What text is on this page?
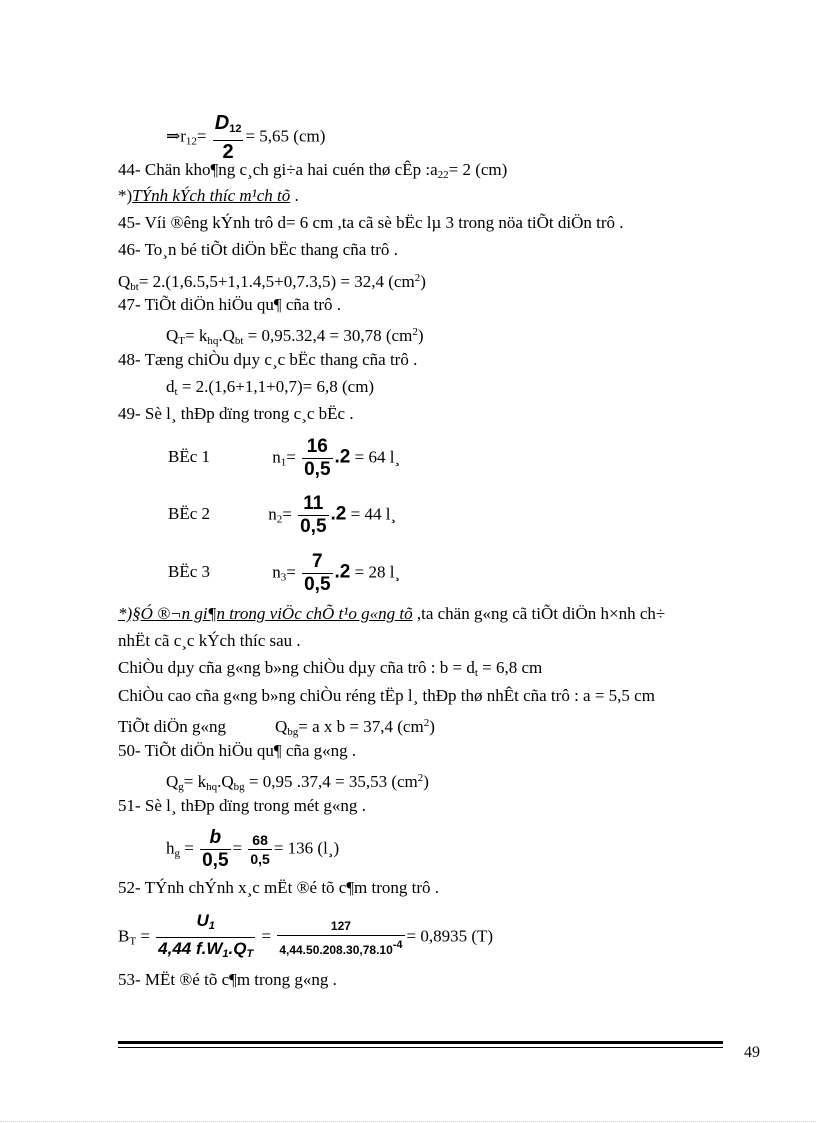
$\Rightarrow r_{12}= \frac{D_{12}}{2} = 5,65$ (cm)
44- Chän kho¶ng c¸ch gi÷a hai cuén thø cÊp $:a_{22}= 2$ (cm)
*)TÝnh kÝch thíc m¹ch tõ .
45- Víi ®êng kÝnh trô d= 6 cm ,ta cã sè bËc lµ 3 trong nöa tiÕt diÖn trô .
46- To¸n bé tiÕt diÖn bËc thang cña trô .
$Q_{bt}= 2.(1,6.5,5+1,1.4,5+0,7.3,5) = 32,4$ $(cm^2)$
47- TiÕt diÖn hiÖu qu¶ cña trô .
$Q_T= k_{hq}.Q_{bt} = 0,95.32,4 = 30,78$ $(cm^2)$
48- Tæng chiÒu dµy c¸c bËc thang cña trô .
$d_t = 2.(1,6+1,1+0,7)= 6,8$ (cm)
49- Sè l¸ thÐp dïng trong c¸c bËc .
BËc 1	$n_1= \frac{16}{0,5} .2 = 64$ l¸
BËc 2	$n_2= \frac{11}{0,5} .2 = 44$ l¸
BËc 3	$n_3= \frac{7}{0,5} .2 = 28$ l¸
*)§Ó ®¬n gi¶n trong viÖc chÕ t¹o g«ng tõ ,ta chän g«ng cã tiÕt diÖn h×nh ch÷
nhËt cã c¸c kÝch thíc sau .
ChiÒu dµy cña g«ng b»ng chiÒu dµy cña trô : $b = d_t = 6,8$ cm
ChiÒu cao cña g«ng b»ng chiÒu réng tËp l¸ thÐp thø nhÊt cña trô : a = 5,5 cm
TiÕt diÖn g«ng	$Q_{bg}= a$ x b = 37,4 $(cm^2)$
50- TiÕt diÖn hiÖu qu¶ cña g«ng .
$Q_g= k_{hq}.Q_{bg} = 0,95$ .37,4 = 35,53 $(cm^2)$
51- Sè l¸ thÐp dïng trong mét g«ng .
$h_g = \frac{b}{0,5} = \frac{68}{0,5} = 136$ (l¸)
52- TÝnh chÝnh x¸c mËt ®é tõ c¶m trong trô .
$B_T = \frac{U_1}{4,44 f.W_1.Q_T} = \frac{127}{4,44.50.208.30,78.10^{-4}} = 0,8935$ (T)
53- MËt ®é tõ c¶m trong g«ng .
49
